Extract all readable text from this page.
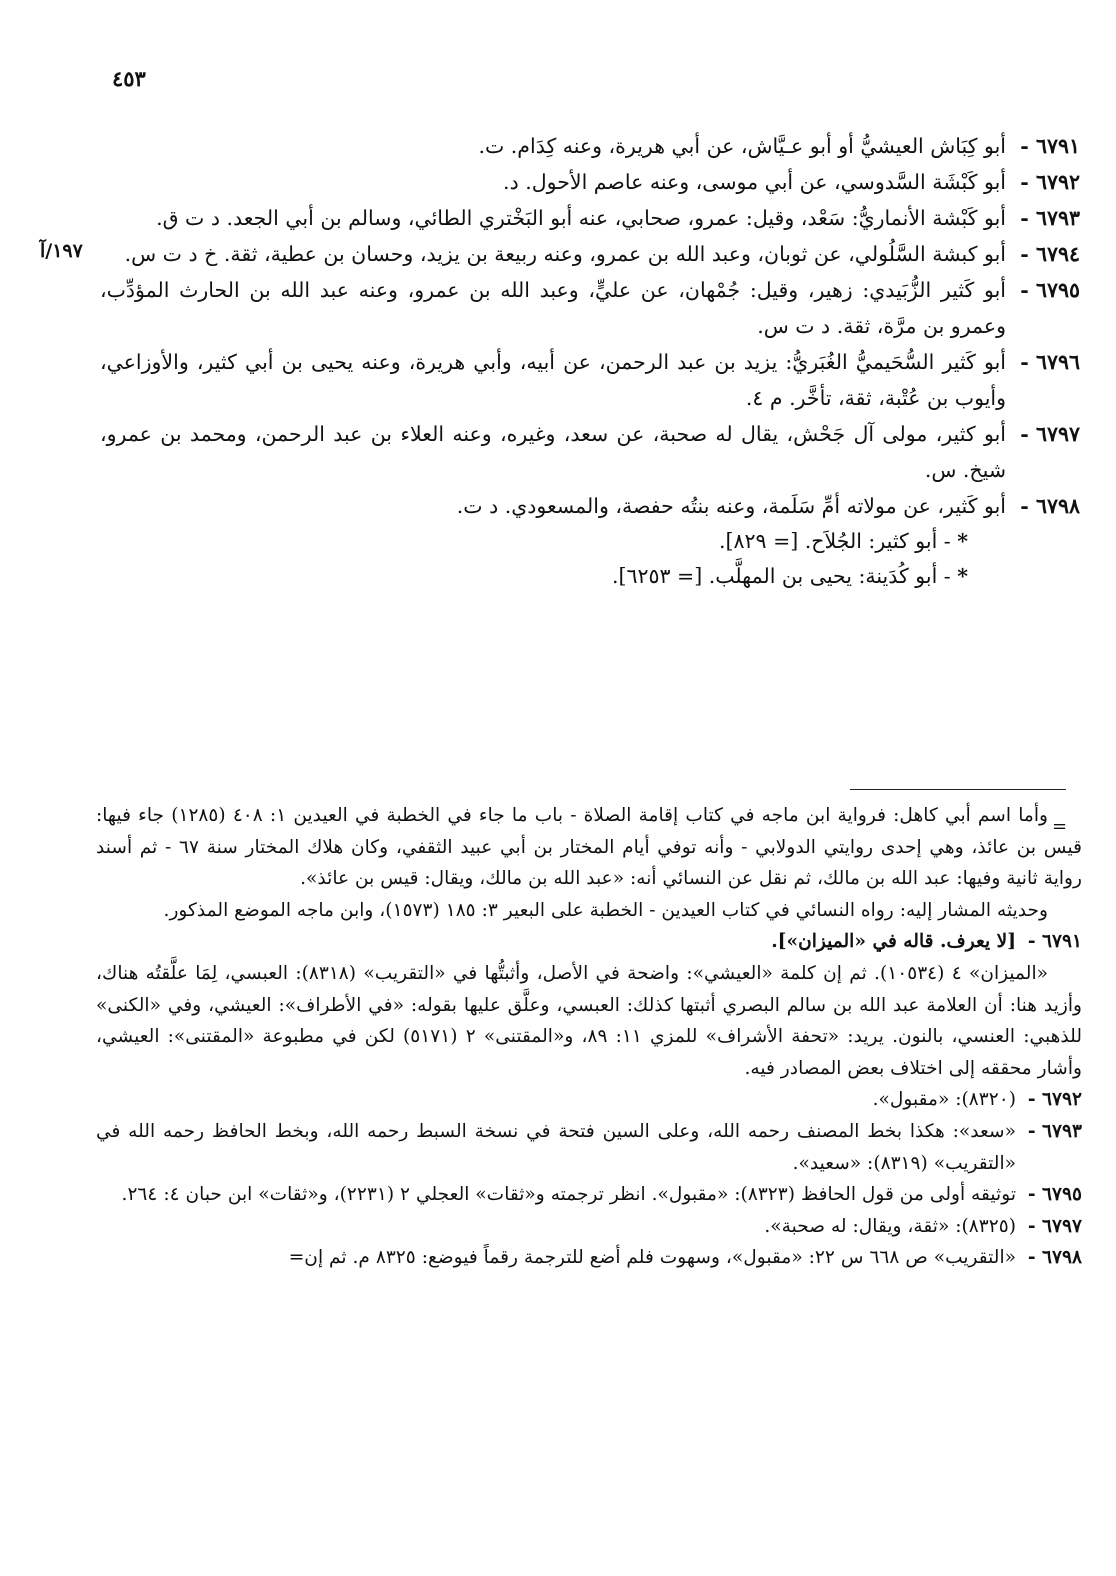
٤٥٣
١٩٧/آ

٦٧٩١ -أبو كِبَاش العيشيُّ أو أبو عـيَّاش، عن أبي هريرة، وعنه كِدَام. ت.

٦٧٩٢ -أبو كَبْشَة السَّدوسي، عن أبي موسى، وعنه عاصم الأحول. د.

٦٧٩٣ -أبو كَبْشة الأنماريُّ: سَعْد، وقيل: عمرو، صحابي، عنه أبو البَخْتري الطائي، وسالم بن أبي الجعد. د ت ق.

٦٧٩٤ -أبو كبشة السَّلُولي، عن ثوبان، وعبد الله بن عمرو، وعنه ربيعة بن يزيد، وحسان بن عطية، ثقة. خ د ت س.

٦٧٩٥ -أبو كَثير الزُّبَيدي: زهير، وقيل: جُمْهان، عن عليٍّ، وعبد الله بن عمرو، وعنه عبد الله بن الحارث المؤدِّب، وعمرو بن مرَّة، ثقة. د ت س.

٦٧٩٦ -أبو كَثير السُّحَيميُّ الغُبَريُّ: يزيد بن عبد الرحمن، عن أبيه، وأبي هريرة، وعنه يحيى بن أبي كثير، والأوزاعي، وأيوب بن عُتْبة، ثقة، تأخَّر. م ٤.

٦٧٩٧ -أبو كثير، مولى آل جَحْش، يقال له صحبة، عن سعد، وغيره، وعنه العلاء بن عبد الرحمن، ومحمد بن عمرو، شيخ. س.

٦٧٩٨ -أبو كَثير، عن مولاته أمِّ سَلَمة، وعنه بنتُه حفصة، والمسعودي. د ت.

* - أبو كثير: الجُلاَح. [= ٨٢٩].

* - أبو كُدَينة: يحيى بن المهلَّب. [= ٦٢٥٣].

=

وأما اسم أبي كاهل: فرواية ابن ماجه في كتاب إقامة الصلاة - باب ما جاء في الخطبة في العيدين ١: ٤٠٨ (١٢٨٥) جاء فيها: قيس بن عائذ، وهي إحدى روايتي الدولابي - وأنه توفي أيام المختار بن أبي عبيد الثقفي، وكان هلاك المختار سنة ٦٧ - ثم أسند رواية ثانية وفيها: عبد الله بن مالك، ثم نقل عن النسائي أنه: «عبد الله بن مالك، ويقال: قيس بن عائذ».

وحديثه المشار إليه: رواه النسائي في كتاب العيدين - الخطبة على البعير ٣: ١٨٥ (١٥٧٣)، وابن ماجه الموضع المذكور.

٦٧٩١ -[لا يعرف. قاله في «الميزان»].

«الميزان» ٤ (١٠٥٣٤). ثم إن كلمة «العيشي»: واضحة في الأصل، وأثبتُّها في «التقريب» (٨٣١٨): العبسي، لِمَا علَّقتُه هناك، وأزيد هنا: أن العلامة عبد الله بن سالم البصري أثبتها كذلك: العبسي، وعلَّق عليها بقوله: «في الأطراف»: العيشي، وفي «الكنى» للذهبي: العنسي، بالنون. يريد: «تحفة الأشراف» للمزي ١١: ٨٩، و«المقتنى» ٢ (٥١٧١) لكن في مطبوعة «المقتنى»: العيشي، وأشار محققه إلى اختلاف بعض المصادر فيه.

٦٧٩٢ -(٨٣٢٠): «مقبول».

٦٧٩٣ -«سعد»: هكذا بخط المصنف رحمه الله، وعلى السين فتحة في نسخة السبط رحمه الله، وبخط الحافظ رحمه الله في «التقريب» (٨٣١٩): «سعيد».

٦٧٩٥ -توثيقه أولى من قول الحافظ (٨٣٢٣): «مقبول». انظر ترجمته و«ثقات» العجلي ٢ (٢٢٣١)، و«ثقات» ابن حبان ٤: ٢٦٤.

٦٧٩٧ -(٨٣٢٥): «ثقة، ويقال: له صحبة».

٦٧٩٨ -«التقريب» ص ٦٦٨ س ٢٢: «مقبول»، وسهوت فلم أضع للترجمة رقماً فيوضع: ٨٣٢٥ م. ثم إن=
